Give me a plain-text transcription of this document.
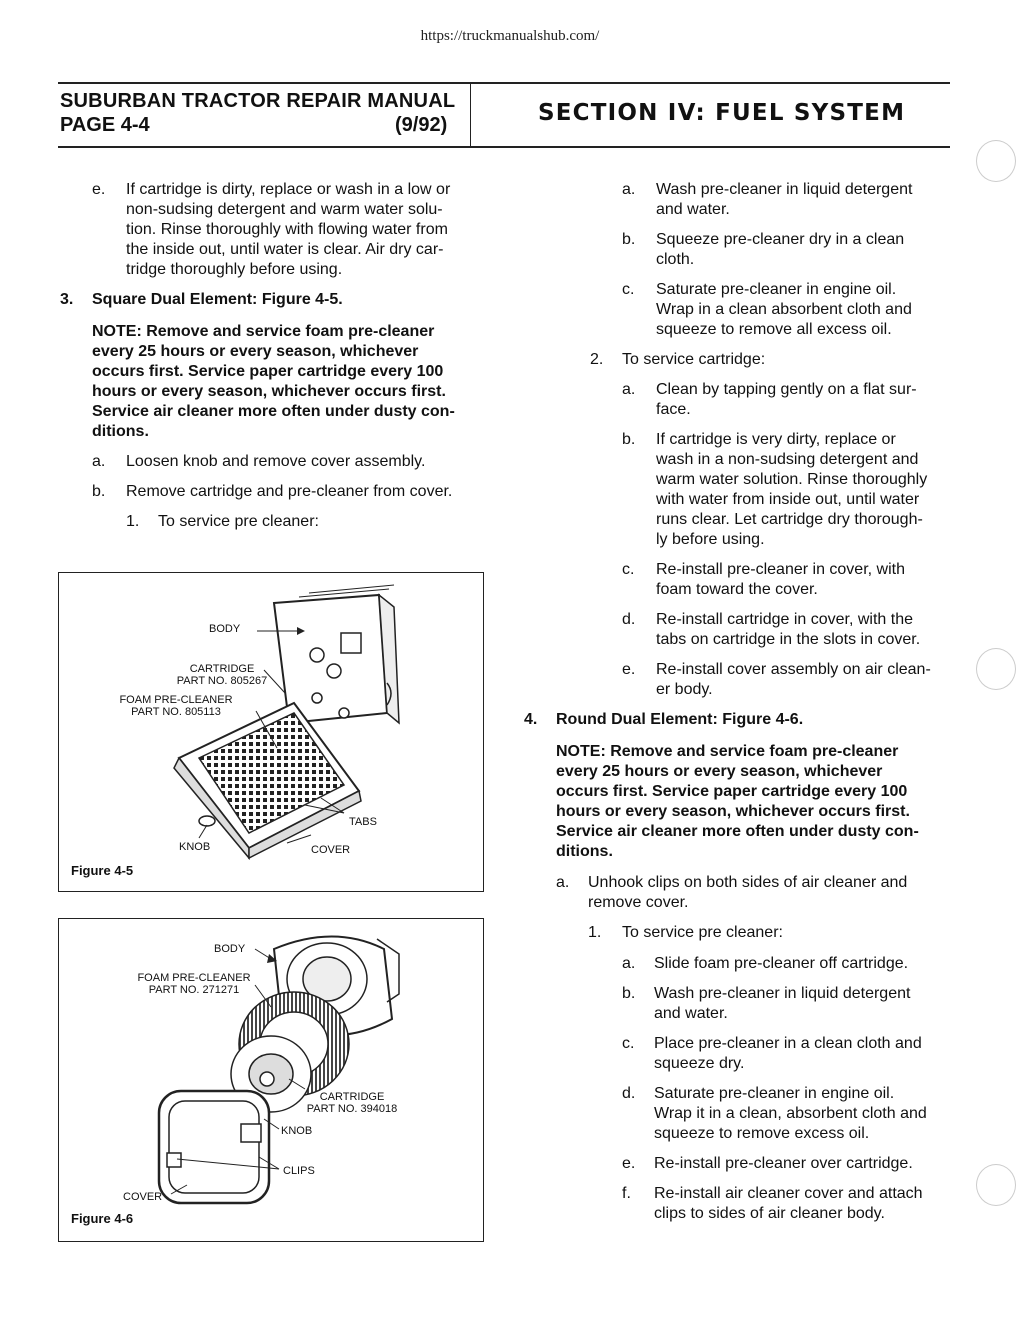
https://truckmanualshub.com/
SUBURBAN TRACTOR REPAIR MANUAL
PAGE 4-4	(9/92)	SECTION IV: FUEL SYSTEM
e. If cartridge is dirty, replace or wash in a low or
non-sudsing detergent and warm water solu-
tion. Rinse thoroughly with flowing water from
the inside out, until water is clear. Air dry car-
tridge thoroughly before using.
3. Square Dual Element: Figure 4-5.
NOTE: Remove and service foam pre-cleaner
every 25 hours or every season, whichever
occurs first. Service paper cartridge every 100
hours or every season, whichever occurs first.
Service air cleaner more often under dusty con-
ditions.
a. Loosen knob and remove cover assembly.
b. Remove cartridge and pre-cleaner from cover.
1. To service pre cleaner:
BODY
CARTRIDGE
PART NO. 805267
FOAM PRE-CLEANER
PART NO. 805113
TABS
KNOB	COVER
Figure 4-5
BODY
FOAM PRE-CLEANER
PART NO. 271271
CARTRIDGE
PART NO. 394018
KNOB
CLIPS
COVER
Figure 4-6
a. Wash pre-cleaner in liquid detergent
and water.
b. Squeeze pre-cleaner dry in a clean
cloth.
c. Saturate pre-cleaner in engine oil.
Wrap in a clean absorbent cloth and
squeeze to remove all excess oil.
2. To service cartridge:
a. Clean by tapping gently on a flat sur-
face.
b. If cartridge is very dirty, replace or
wash in a non-sudsing detergent and
warm water solution. Rinse thoroughly
with water from inside out, until water
runs clear. Let cartridge dry thorough-
ly before using.
c. Re-install pre-cleaner in cover, with
foam toward the cover.
d. Re-install cartridge in cover, with the
tabs on cartridge in the slots in cover.
e. Re-install cover assembly on air clean-
er body.
4. Round Dual Element: Figure 4-6.
NOTE: Remove and service foam pre-cleaner
every 25 hours or every season, whichever
occurs first. Service paper cartridge every 100
hours or every season, whichever occurs first.
Service air cleaner more often under dusty con-
ditions.
a. Unhook clips on both sides of air cleaner and
remove cover.
1. To service pre cleaner:
a. Slide foam pre-cleaner off cartridge.
b. Wash pre-cleaner in liquid detergent
and water.
c. Place pre-cleaner in a clean cloth and
squeeze dry.
d. Saturate pre-cleaner in engine oil.
Wrap it in a clean, absorbent cloth and
squeeze to remove excess oil.
e. Re-install pre-cleaner over cartridge.
f. Re-install air cleaner cover and attach
clips to sides of air cleaner body.
